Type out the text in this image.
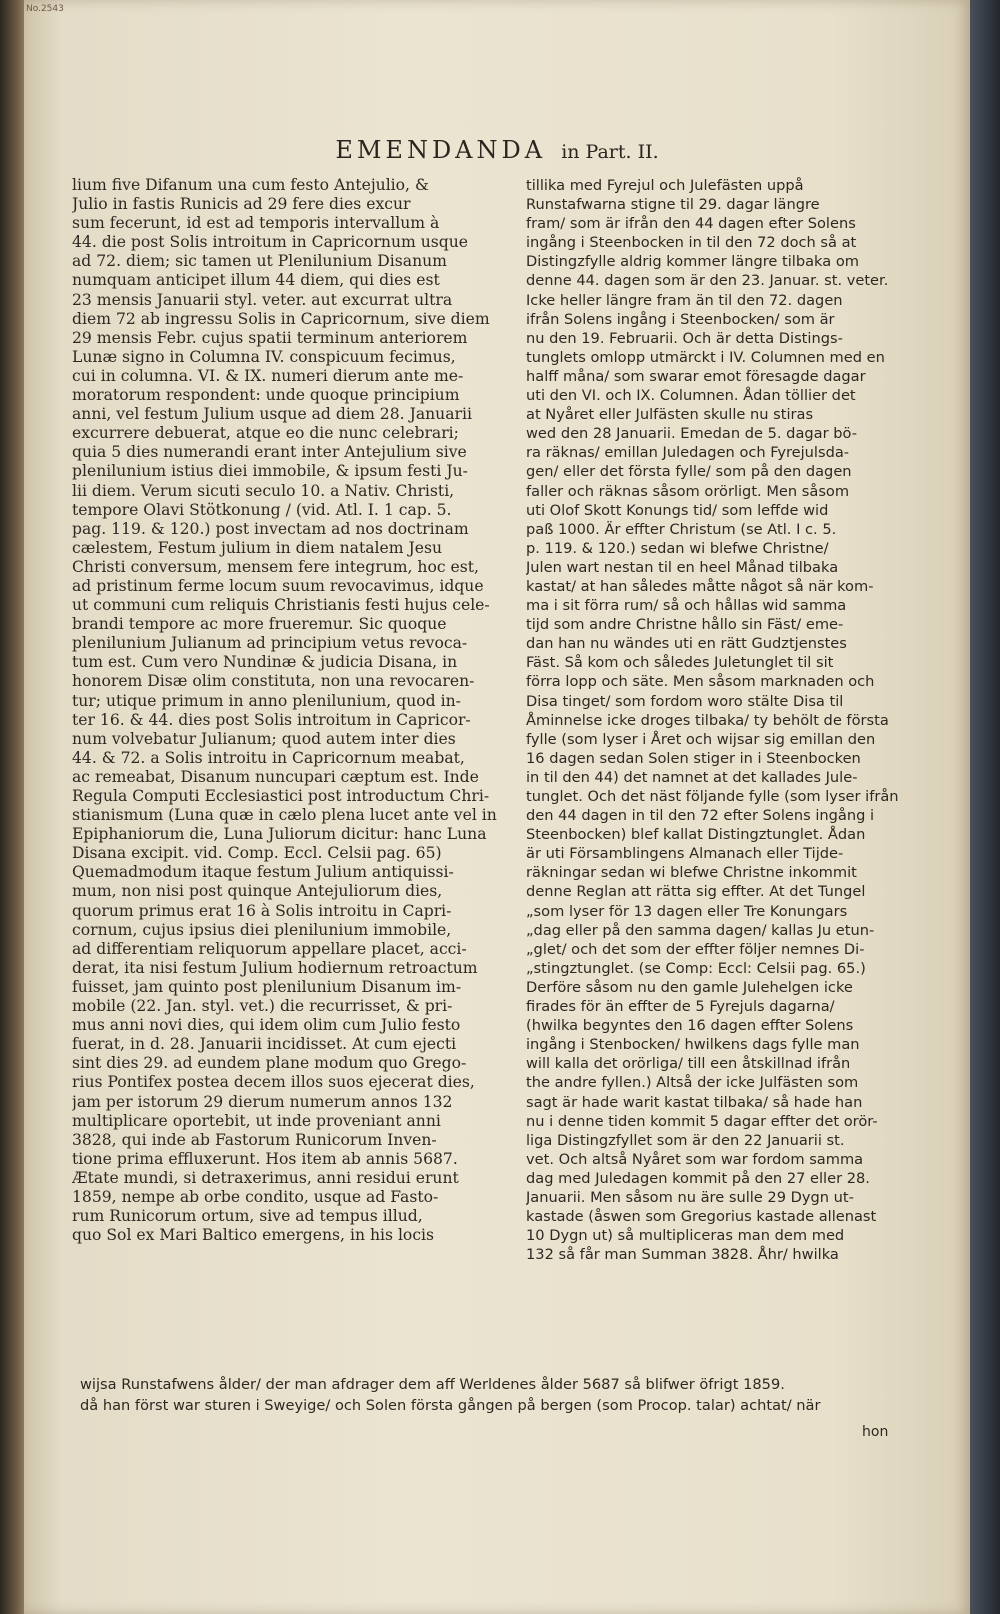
No.2543
EMENDANDA in Part. II.
lium five Difanum una cum festo Antejulio, &
Julio in fastis Runicis ad 29 fere dies excur
sum fecerunt, id est ad temporis intervallum à
44. die post Solis introitum in Capricornum usque
ad 72. diem; sic tamen ut Plenilunium Disanum
numquam anticipet illum 44 diem, qui dies est
23 mensis Januarii styl. veter. aut excurrat ultra
diem 72 ab ingressu Solis in Capricornum, sive diem
29 mensis Febr. cujus spatii terminum anteriorem
Lunæ signo in Columna IV. conspicuum fecimus,
cui in columna. VI. & IX. numeri dierum ante me-
moratorum respondent: unde quoque principium
anni, vel festum Julium usque ad diem 28. Januarii
excurrere debuerat, atque eo die nunc celebrari;
quia 5 dies numerandi erant inter Antejulium sive
plenilunium istius diei immobile, & ipsum festi Ju-
lii diem. Verum sicuti seculo 10. a Nativ. Christi,
tempore Olavi Stötkonung / (vid. Atl. I. 1 cap. 5.
pag. 119. & 120.) post invectam ad nos doctrinam
cælestem, Festum julium in diem natalem Jesu
Christi conversum, mensem fere integrum, hoc est,
ad pristinum ferme locum suum revocavimus, idque
ut communi cum reliquis Christianis festi hujus cele-
brandi tempore ac more frueremur. Sic quoque
plenilunium Julianum ad principium vetus revoca-
tum est. Cum vero Nundinæ & judicia Disana, in
honorem Disæ olim constituta, non una revocaren-
tur; utique primum in anno plenilunium, quod in-
ter 16. & 44. dies post Solis introitum in Capricor-
num volvebatur Julianum; quod autem inter dies
44. & 72. a Solis introitu in Capricornum meabat,
ac remeabat, Disanum nuncupari cæptum est. Inde
Regula Computi Ecclesiastici post introductum Chri-
stianismum (Luna quæ in cælo plena lucet ante vel in
Epiphaniorum die, Luna Juliorum dicitur: hanc Luna
Disana excipit. vid. Comp. Eccl. Celsii pag. 65)
Quemadmodum itaque festum Julium antiquissi-
mum, non nisi post quinque Antejuliorum dies,
quorum primus erat 16 à Solis introitu in Capri-
cornum, cujus ipsius diei plenilunium immobile,
ad differentiam reliquorum appellare placet, acci-
derat, ita nisi festum Julium hodiernum retroactum
fuisset, jam quinto post plenilunium Disanum im-
mobile (22. Jan. styl. vet.) die recurrisset, & pri-
mus anni novi dies, qui idem olim cum Julio festo
fuerat, in d. 28. Januarii incidisset. At cum ejecti
sint dies 29. ad eundem plane modum quo Grego-
rius Pontifex postea decem illos suos ejecerat dies,
jam per istorum 29 dierum numerum annos 132
multiplicare oportebit, ut inde proveniant anni
3828, qui inde ab Fastorum Runicorum Inven-
tione prima effluxerunt. Hos item ab annis 5687.
Ætate mundi, si detraxerimus, anni residui erunt
1859, nempe ab orbe condito, usque ad Fasto-
rum Runicorum ortum, sive ad tempus illud,
quo Sol ex Mari Baltico emergens, in his locis
tillika med Fyrejul och Julefästen uppå
Runstafwarna stigne til 29. dagar längre
fram/ som är ifrån den 44 dagen efter Solens
ingång i Steenbocken in til den 72 doch så at
Distingzfylle aldrig kommer längre tilbaka om
denne 44. dagen som är den 23. Januar. st. veter.
Icke heller längre fram än til den 72. dagen
ifrån Solens ingång i Steenbocken/ som är
nu den 19. Februarii. Och är detta Distings-
tunglets omlopp utmärckt i IV. Columnen med en
halff måna/ som swarar emot föresagde dagar
uti den VI. och IX. Columnen. Ådan töllier det
at Nyåret eller Julfästen skulle nu stiras
wed den 28 Januarii. Emedan de 5. dagar bö-
ra räknas/ emillan Juledagen och Fyrejulsda-
gen/ eller det första fylle/ som på den dagen
faller och räknas såsom orörligt. Men såsom
uti Olof Skott Konungs tid/ som leffde wid
paß 1000. Är effter Christum (se Atl. I c. 5.
p. 119. & 120.) sedan wi blefwe Christne/
Julen wart nestan til en heel Månad tilbaka
kastat/ at han således måtte något så när kom-
ma i sit förra rum/ så och hållas wid samma
tijd som andre Christne hållo sin Fäst/ eme-
dan han nu wändes uti en rätt Gudztjenstes
Fäst. Så kom och således Juletunglet til sit
förra lopp och säte. Men såsom marknaden och
Disa tinget/ som fordom woro stälte Disa til
Åminnelse icke droges tilbaka/ ty behölt de första
fylle (som lyser i Året och wijsar sig emillan den
16 dagen sedan Solen stiger in i Steenbocken
in til den 44) det namnet at det kallades Jule-
tunglet. Och det näst följande fylle (som lyser ifrån
den 44 dagen in til den 72 efter Solens ingång i
Steenbocken) blef kallat Distingztunglet. Ådan
är uti Församblingens Almanach eller Tijde-
räkningar sedan wi blefwe Christne inkommit
denne Reglan att rätta sig effter. At det Tungel
„som lyser för 13 dagen eller Tre Konungars
„dag eller på den samma dagen/ kallas Ju etun-
„glet/ och det som der effter följer nemnes Di-
„stingztunglet. (se Comp: Eccl: Celsii pag. 65.)
Derföre såsom nu den gamle Julehelgen icke
firades för än effter de 5 Fyrejuls dagarna/
(hwilka begyntes den 16 dagen effter Solens
ingång i Stenbocken/ hwilkens dags fylle man
will kalla det orörliga/ till een åtskillnad ifrån
the andre fyllen.) Altså der icke Julfästen som
sagt är hade warit kastat tilbaka/ så hade han
nu i denne tiden kommit 5 dagar effter det orör-
liga Distingzfyllet som är den 22 Januarii st.
vet. Och altså Nyåret som war fordom samma
dag med Juledagen kommit på den 27 eller 28.
Januarii. Men såsom nu äre sulle 29 Dygn ut-
kastade (åswen som Gregorius kastade allenast
10 Dygn ut) så multipliceras man dem med
132 så får man Summan 3828. Åhr/ hwilka
wijsa Runstafwens ålder/ der man afdrager dem aff Werldenes ålder 5687 så blifwer öfrigt 1859.
då han först war sturen i Sweyige/ och Solen första gången på bergen (som Procop. talar) achtat/ när
hon
